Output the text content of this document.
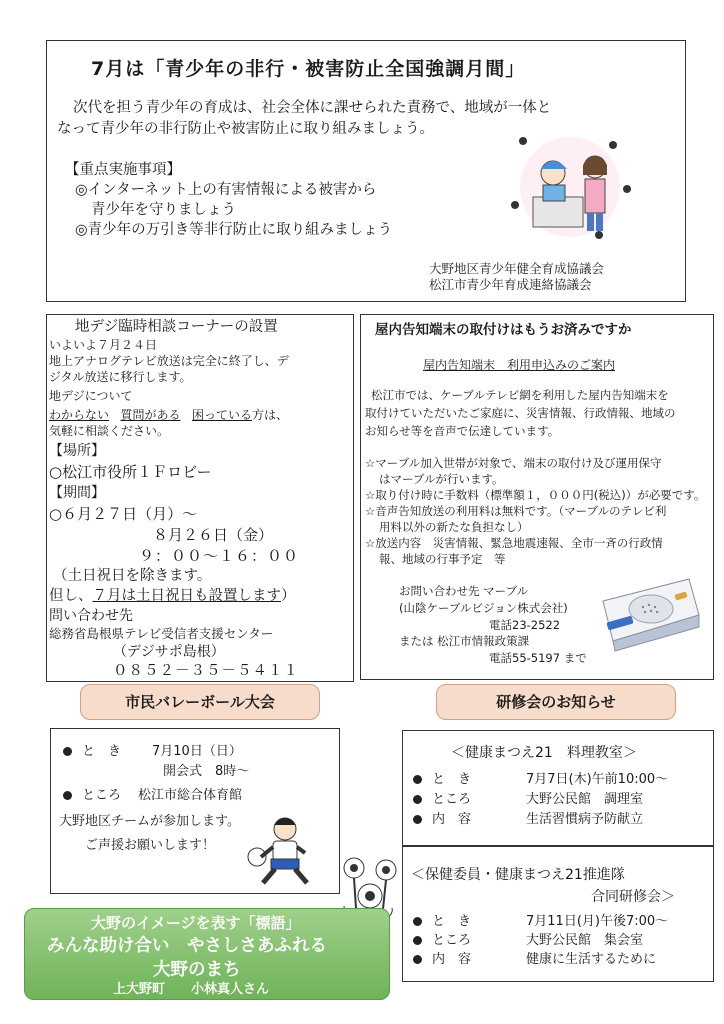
7月は「青少年の非行・被害防止全国強調月間」
次代を担う青少年の育成は、社会全体に課せられた責務で、地域が一体と
なって青少年の非行防止や被害防止に取り組みましょう。
【重点実施事項】
◎インターネット上の有害情報による被害から
青少年を守りましょう
◎青少年の万引き等非行防止に取り組みましょう
大野地区青少年健全育成協議会
松江市青少年育成連絡協議会
地デジ臨時相談コーナーの設置
いよいよ７月２４日
地上アナログテレビ放送は完全に終了し、デ
ジタル放送に移行します。
地デジについて
わからない 質問がある 困っている方は、
気軽に相談ください。
【場所】
○松江市役所１Ｆロビー
【期間】
○６月２７日（月）～
８月２６日（金）
９：００～１６：００
（土日祝日を除きます。
但し、７月は土日祝日も設置します）
問い合わせ先
総務省島根県テレビ受信者支援センター
（デジサポ島根）
０８５２－３５－５４１１
屋内告知端末の取付けはもうお済みですか
屋内告知端末　利用申込みのご案内
松江市では、ケーブルテレビ網を利用した屋内告知端末を
取付けていただいたご家庭に、災害情報、行政情報、地域の
お知らせ等を音声で伝達しています。
☆マーブル加入世帯が対象で、端末の取付け及び運用保守
はマーブルが行います。
☆取り付け時に手数料（標準額１，０００円(税込)）が必要です。
☆音声告知放送の利用料は無料です。（マーブルのテレビ利
用料以外の新たな負担なし）
☆放送内容　災害情報、緊急地震速報、全市一斉の行政情
報、地域の行事予定　等
お問い合わせ先 マーブル
(山陰ケーブルビジョン株式会社)
電話23-2522
または 松江市情報政策課
電話55-5197 まで
市民バレーボール大会
と　き 7月10日（日）
開会式　8時～
ところ 松江市総合体育館
大野地区チームが参加します。
ご声援お願いします！
研修会のお知らせ
＜健康まつえ21　料理教室＞
と　き	7月7日(木)午前10:00～
ところ	大野公民館　調理室
内　容	生活習慣病予防献立
＜保健委員・健康まつえ21推進隊
合同研修会＞
と　き	7月11日(月)午後7:00～
ところ	大野公民館　集会室
内　容	健康に生活するために
大野のイメージを表す「標語」
みんな助け合い　やさしさあふれる
大野のまち
上大野町　　小林真人さん
